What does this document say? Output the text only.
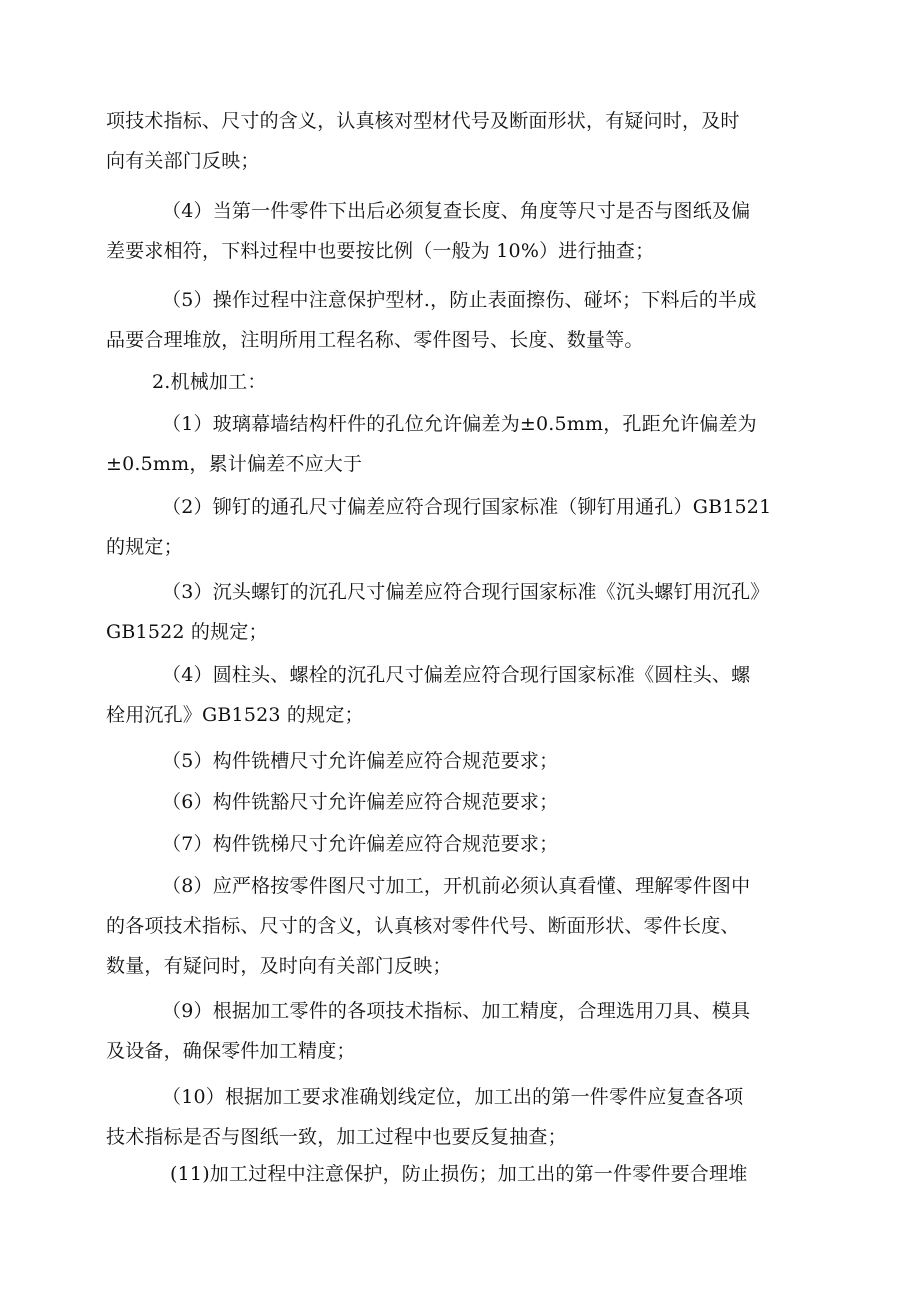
项技术指标、尺寸的含义，认真核对型材代号及断面形状，有疑问时，及时
向有关部门反映；
（4）当第一件零件下出后必须复查长度、角度等尺寸是否与图纸及偏
差要求相符，下料过程中也要按比例（一般为 10%）进行抽查；
（5）操作过程中注意保护型材.，防止表面擦伤、碰坏；下料后的半成
品要合理堆放，注明所用工程名称、零件图号、长度、数量等。
2.机械加工：
（1）玻璃幕墙结构杆件的孔位允许偏差为±0.5mm，孔距允许偏差为
±0.5mm，累计偏差不应大于
（2）铆钉的通孔尺寸偏差应符合现行国家标准（铆钉用通孔）GB1521
的规定；
（3）沉头螺钉的沉孔尺寸偏差应符合现行国家标准《沉头螺钉用沉孔》
GB1522 的规定；
（4）圆柱头、螺栓的沉孔尺寸偏差应符合现行国家标准《圆柱头、螺
栓用沉孔》GB1523 的规定；
（5）构件铣槽尺寸允许偏差应符合规范要求；
（6）构件铣豁尺寸允许偏差应符合规范要求；
（7）构件铣梯尺寸允许偏差应符合规范要求；
（8）应严格按零件图尺寸加工，开机前必须认真看懂、理解零件图中
的各项技术指标、尺寸的含义，认真核对零件代号、断面形状、零件长度、
数量，有疑问时，及时向有关部门反映；
（9）根据加工零件的各项技术指标、加工精度，合理选用刀具、模具
及设备，确保零件加工精度；
（10）根据加工要求准确划线定位，加工出的第一件零件应复查各项
技术指标是否与图纸一致，加工过程中也要反复抽查；
(11)加工过程中注意保护，防止损伤；加工出的第一件零件要合理堆
